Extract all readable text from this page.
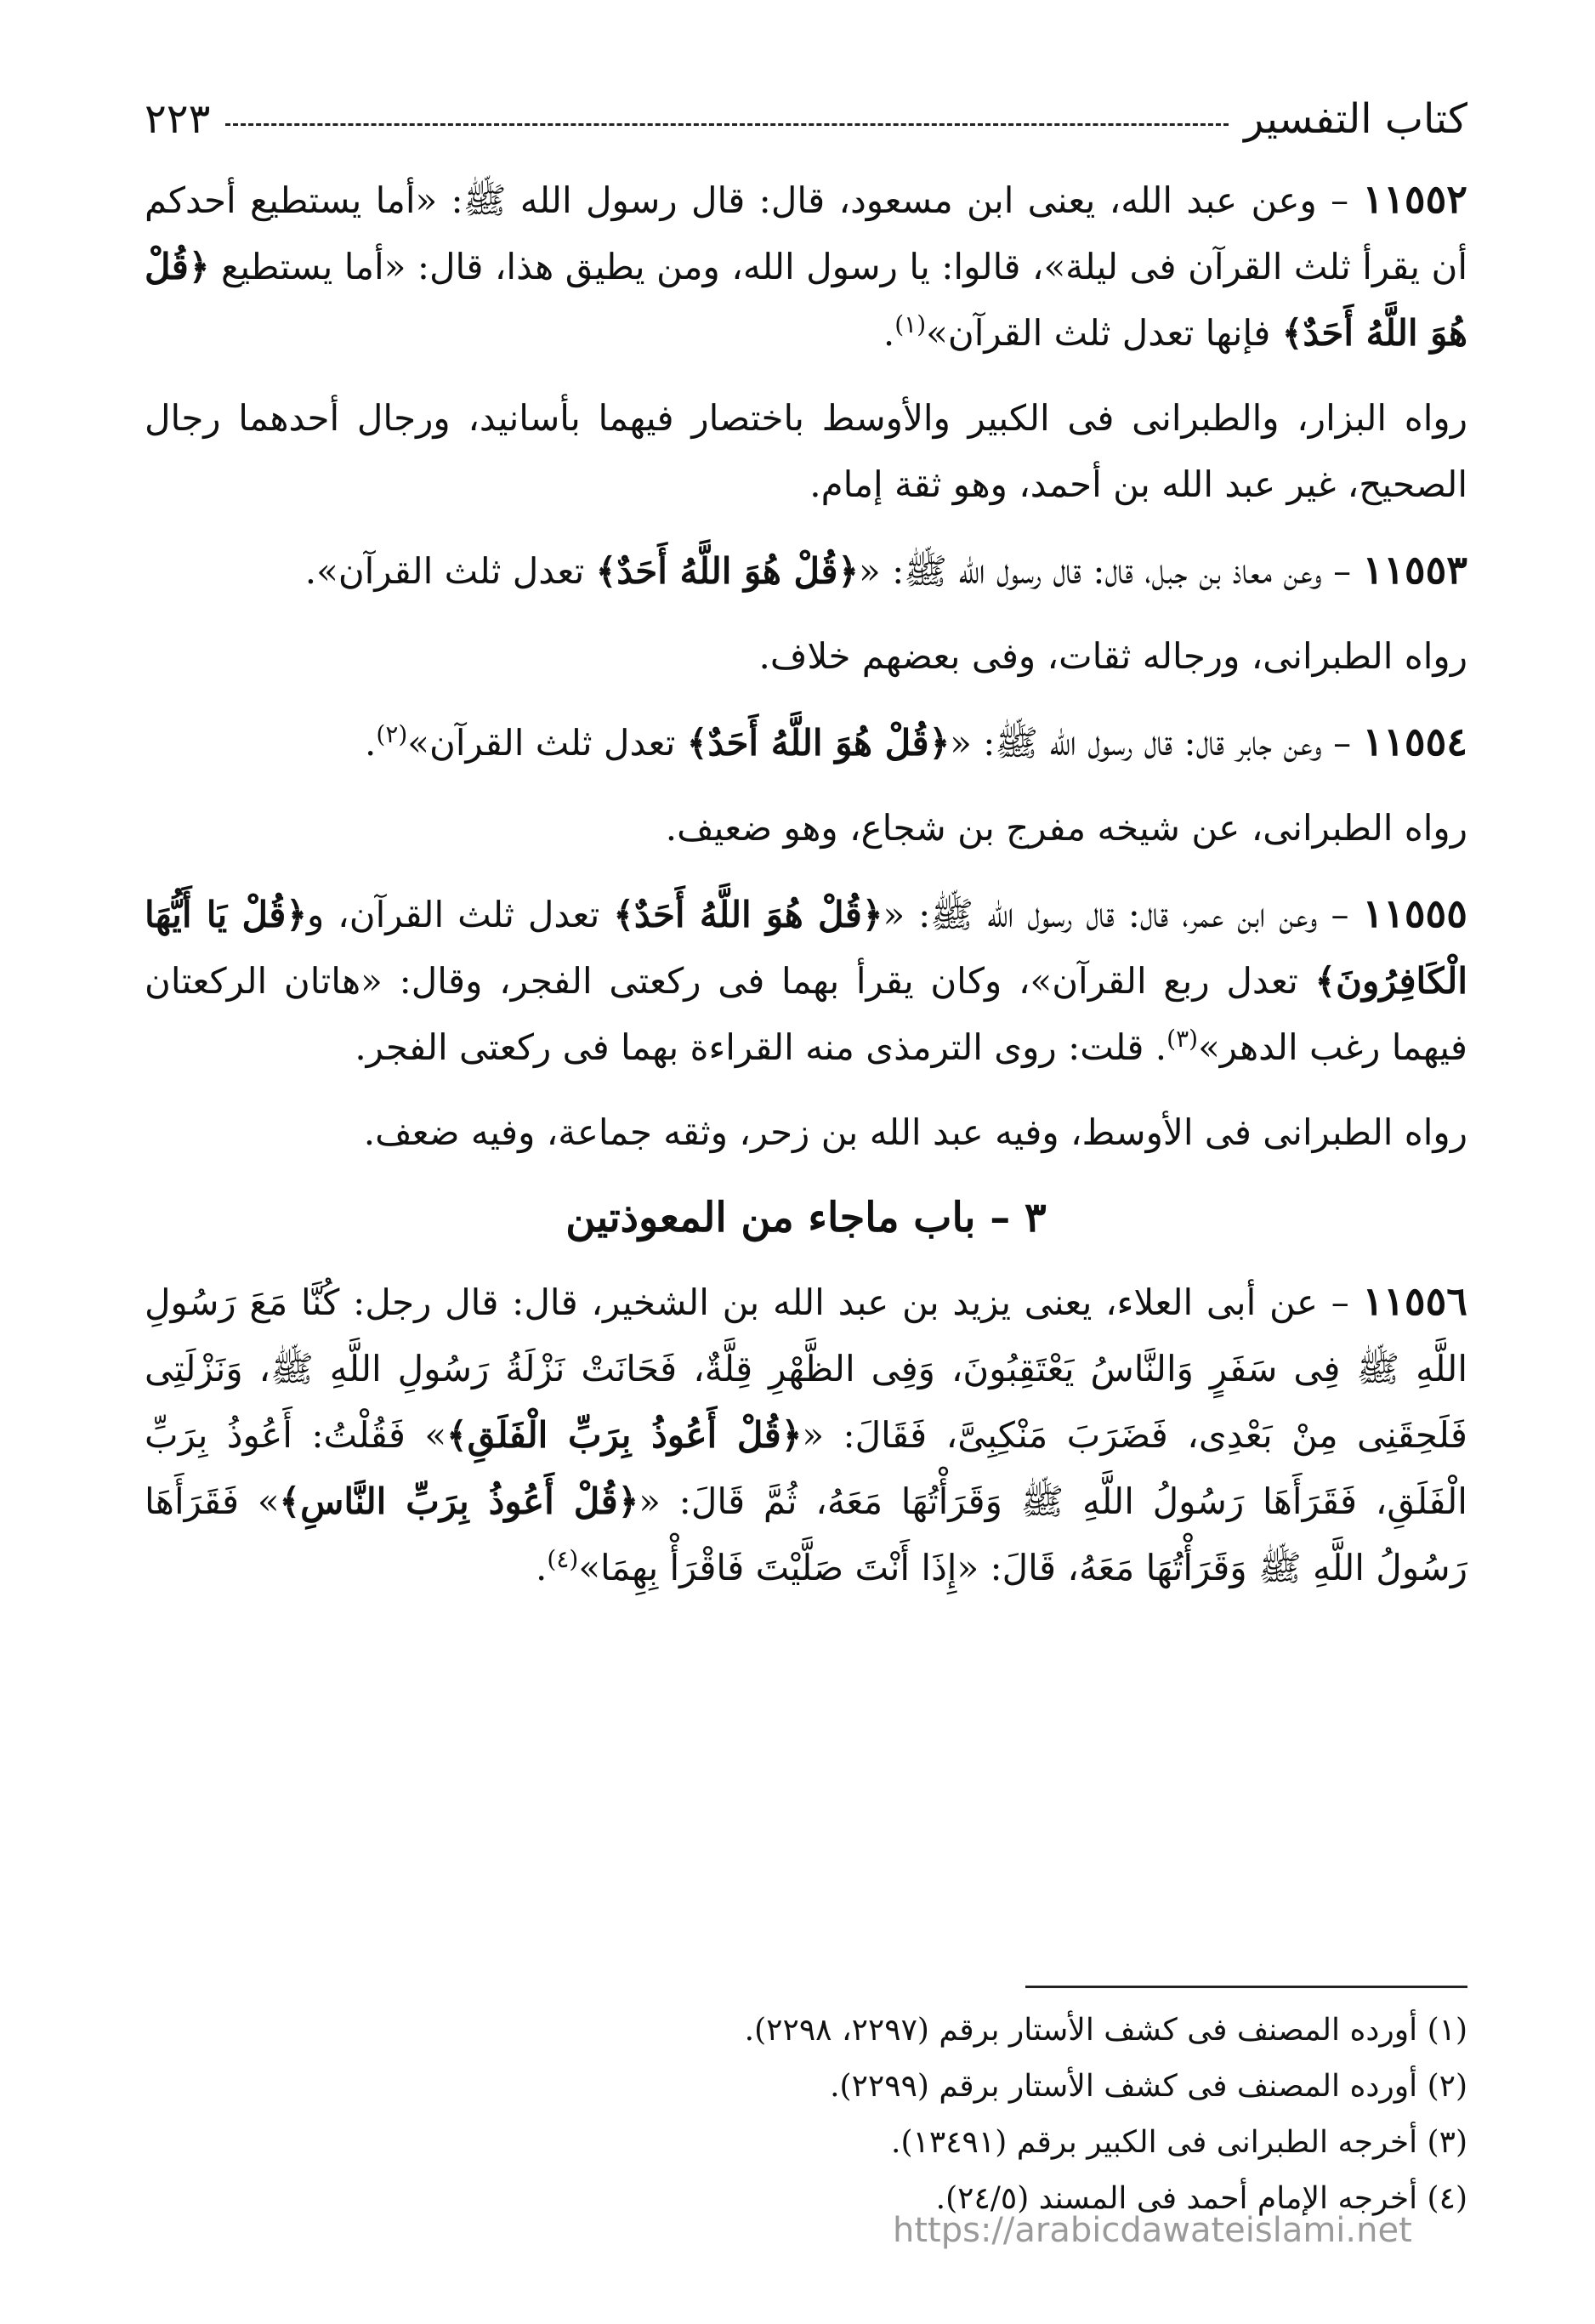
كتاب التفسير
٢٢٣

١١٥٥٢ – وعن عبد الله، يعنى ابن مسعود، قال: قال رسول الله ﷺ: «أما يستطيع أحدكم أن يقرأ ثلث القرآن فى ليلة»، قالوا: يا رسول الله، ومن يطيق هذا، قال: «أما يستطيع ﴿قُلْ هُوَ اللَّهُ أَحَدٌ﴾ فإنها تعدل ثلث القرآن»$^{(١)}$.

رواه البزار، والطبرانى فى الكبير والأوسط باختصار فيهما بأسانيد، ورجال أحدهما رجال الصحيح، غير عبد الله بن أحمد، وهو ثقة إمام.

١١٥٥٣ – وعن معاذ بن جبل، قال: قال رسول الله ﷺ: «﴿قُلْ هُوَ اللَّهُ أَحَدٌ﴾ تعدل ثلث القرآن».

رواه الطبرانى، ورجاله ثقات، وفى بعضهم خلاف.

١١٥٥٤ – وعن جابر قال: قال رسول الله ﷺ: «﴿قُلْ هُوَ اللَّهُ أَحَدٌ﴾ تعدل ثلث القرآن»$^{(٢)}$.

رواه الطبرانى، عن شيخه مفرج بن شجاع، وهو ضعيف.

١١٥٥٥ – وعن ابن عمر، قال: قال رسول الله ﷺ: «﴿قُلْ هُوَ اللَّهُ أَحَدٌ﴾ تعدل ثلث القرآن، و﴿قُلْ يَا أَيُّهَا الْكَافِرُونَ﴾ تعدل ربع القرآن»، وكان يقرأ بهما فى ركعتى الفجر، وقال: «هاتان الركعتان فيهما رغب الدهر»$^{(٣)}$. قلت: روى الترمذى منه القراءة بهما فى ركعتى الفجر.

رواه الطبرانى فى الأوسط، وفيه عبد الله بن زحر، وثقه جماعة، وفيه ضعف.

٣ – باب ماجاء من المعوذتين

١١٥٥٦ – عن أبى العلاء، يعنى يزيد بن عبد الله بن الشخير، قال: قال رجل: كُنَّا مَعَ رَسُولِ اللَّهِ ﷺ فِى سَفَرٍ وَالنَّاسُ يَعْتَقِبُونَ، وَفِى الظَّهْرِ قِلَّةٌ، فَحَانَتْ نَزْلَةُ رَسُولِ اللَّهِ ﷺ، وَنَزْلَتِى فَلَحِقَنِى مِنْ بَعْدِى، فَضَرَبَ مَنْكِبِىَّ، فَقَالَ: «﴿قُلْ أَعُوذُ بِرَبِّ الْفَلَقِ﴾» فَقُلْتُ: أَعُوذُ بِرَبِّ الْفَلَقِ، فَقَرَأَهَا رَسُولُ اللَّهِ ﷺ وَقَرَأْتُهَا مَعَهُ، ثُمَّ قَالَ: «﴿قُلْ أَعُوذُ بِرَبِّ النَّاسِ﴾» فَقَرَأَهَا رَسُولُ اللَّهِ ﷺ وَقَرَأْتُهَا مَعَهُ، قَالَ: «إِذَا أَنْتَ صَلَّيْتَ فَاقْرَأْ بِهِمَا»$^{(٤)}$.

(١) أورده المصنف فى كشف الأستار برقم (٢٢٩٧، ٢٢٩٨).
(٢) أورده المصنف فى كشف الأستار برقم (٢٢٩٩).
(٣) أخرجه الطبرانى فى الكبير برقم (١٣٤٩١).
(٤) أخرجه الإمام أحمد فى المسند (٢٤/٥).
https://arabicdawateislami.net
